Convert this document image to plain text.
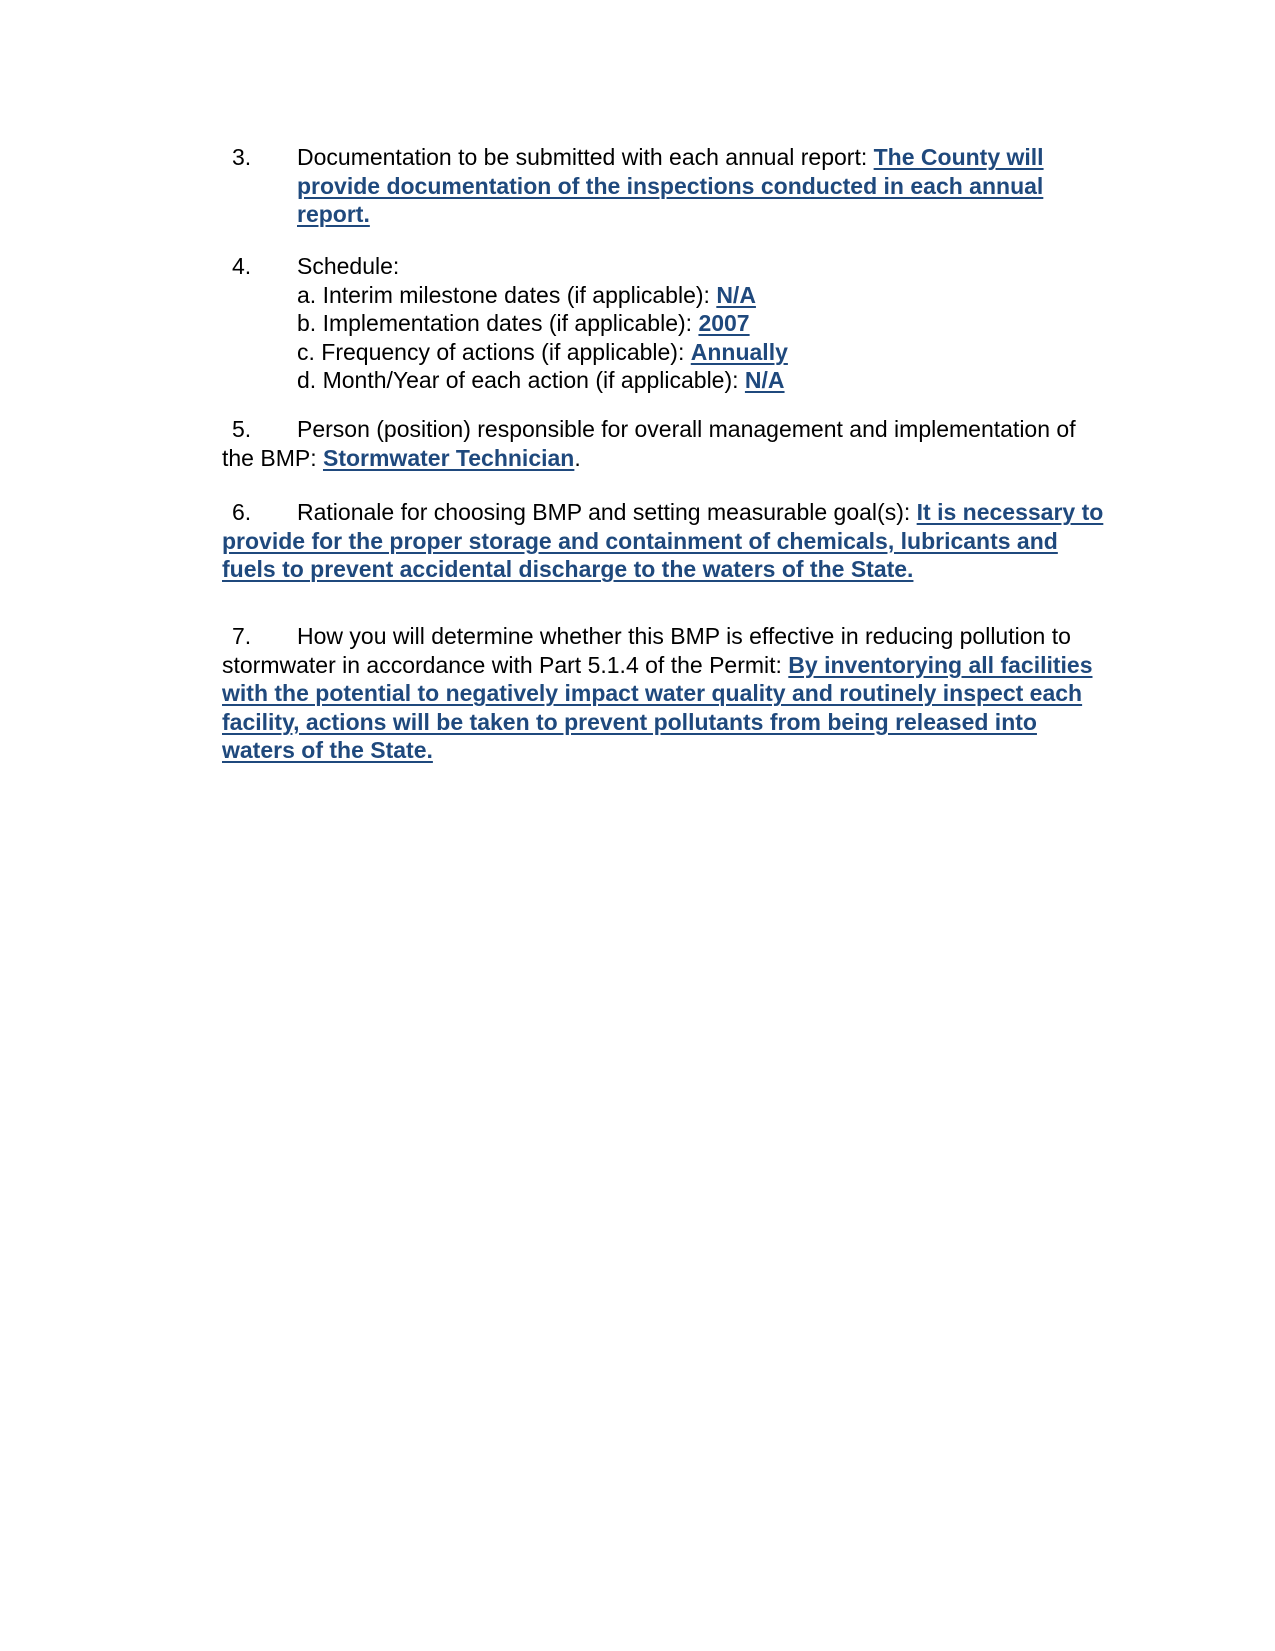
3.	Documentation to be submitted with each annual report: The County will provide documentation of the inspections conducted in each annual report.
4.	Schedule:
a. Interim milestone dates (if applicable): N/A
b. Implementation dates (if applicable): 2007
c. Frequency of actions (if applicable): Annually
d. Month/Year of each action (if applicable): N/A
5.	Person (position) responsible for overall management and implementation of the BMP: Stormwater Technician.
6.	Rationale for choosing BMP and setting measurable goal(s): It is necessary to provide for the proper storage and containment of chemicals, lubricants and fuels to prevent accidental discharge to the waters of the State.
7.	How you will determine whether this BMP is effective in reducing pollution to stormwater in accordance with Part 5.1.4 of the Permit: By inventorying all facilities with the potential to negatively impact water quality and routinely inspect each facility, actions will be taken to prevent pollutants from being released into waters of the State.
